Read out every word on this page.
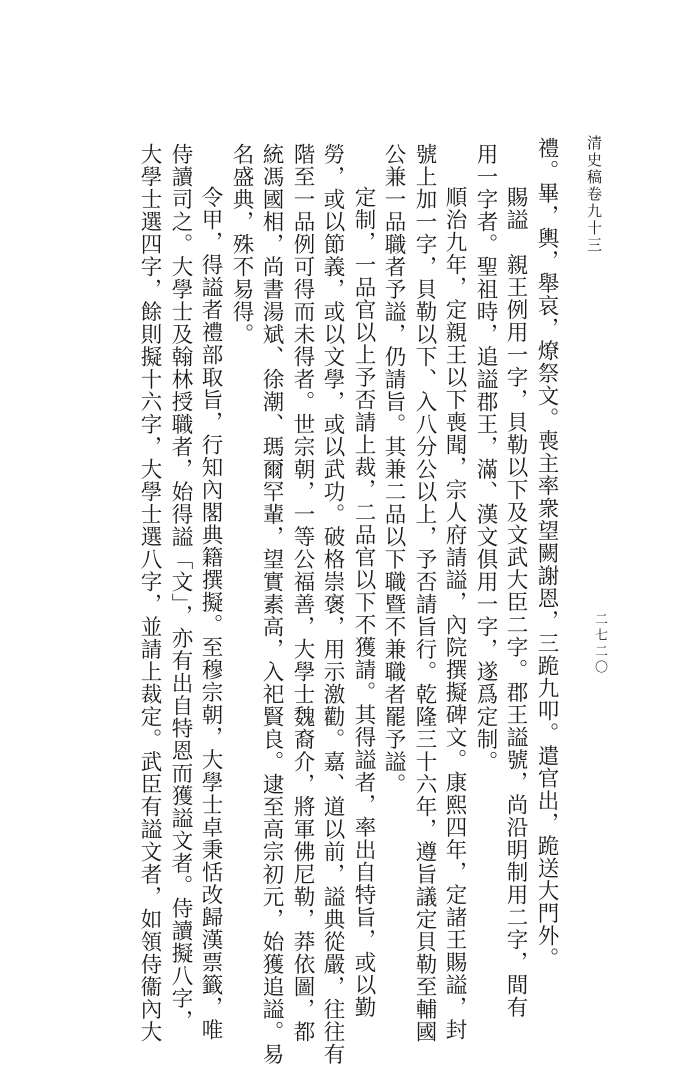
二七二〇
清史稿卷九十三
禮。畢，輿，舉哀，燎祭文。喪主率衆望闕謝恩，三跪九叩。遣官出，跪送大門外。
賜謚　親王例用一字，貝勒以下及文武大臣二字。郡王謚號，尚沿明制用二字，間有
用一字者。聖祖時，追謚郡王，滿、漢文俱用一字，遂爲定制。
順治九年，定親王以下喪聞，宗人府請謚，內院撰擬碑文。康熙四年，定諸王賜謚，封
號上加一字，貝勒以下、入八分公以上，予否請旨行。乾隆三十六年，遵旨議定貝勒至輔國
公兼一品職者予謚，仍請旨。其兼二品以下職暨不兼職者罷予謚。
定制，一品官以上予否請上裁，二品官以下不獲請。其得謚者，率出自特旨，或以勤
勞，或以節義，或以文學，或以武功。破格崇褒，用示激勸。嘉、道以前，謚典從嚴，往往有
階至一品例可得而未得者。世宗朝，一等公福善，大學士魏裔介，將軍佛尼勒，莽依圖，都
統馮國相，尚書湯斌、徐潮、瑪爾罕輩，望實素高，入祀賢良。逮至高宗初元，始獲追謚。易
名盛典，殊不易得。
令甲，得謚者禮部取旨，行知內閣典籍撰擬。至穆宗朝，大學士卓秉恬改歸漢票籤，唯
侍讀司之。大學士及翰林授職者，始得謚「文」，亦有出自特恩而獲謚文者。侍讀擬八字，
大學士選四字，餘則擬十六字，大學士選八字，並請上裁定。武臣有謚文者，如領侍衞內大
